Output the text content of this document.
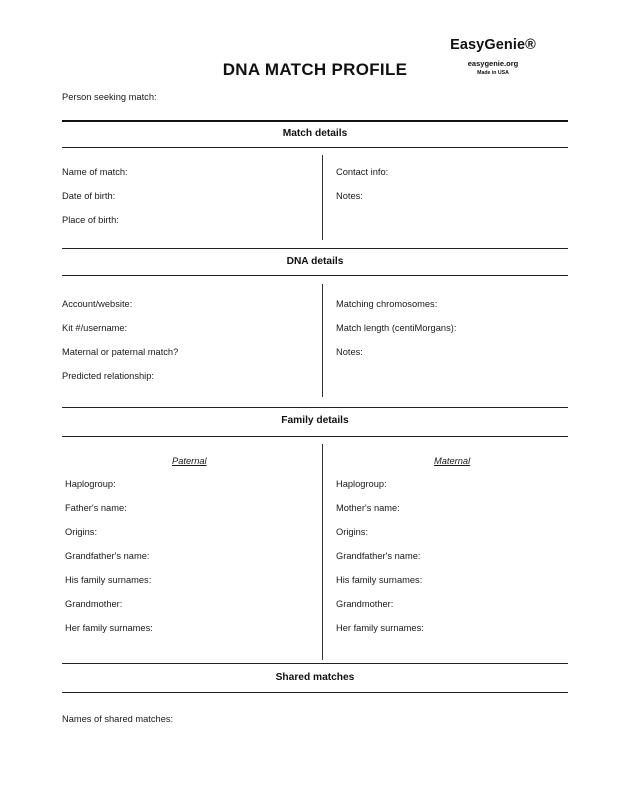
EasyGenie®
easygenie.org
Made in USA
DNA MATCH PROFILE
Person seeking match:
Match details
Name of match:
Date of birth:
Place of birth:
Contact info:
Notes:
DNA details
Account/website:
Kit #/username:
Maternal or paternal match?
Predicted relationship:
Matching chromosomes:
Match length (centiMorgans):
Notes:
Family details
Paternal	Maternal
Haplogroup:
Father's name:
Origins:
Grandfather's name:
His family surnames:
Grandmother:
Her family surnames:
Haplogroup:
Mother's name:
Origins:
Grandfather's name:
His family surnames:
Grandmother:
Her family surnames:
Shared matches
Names of shared matches:
